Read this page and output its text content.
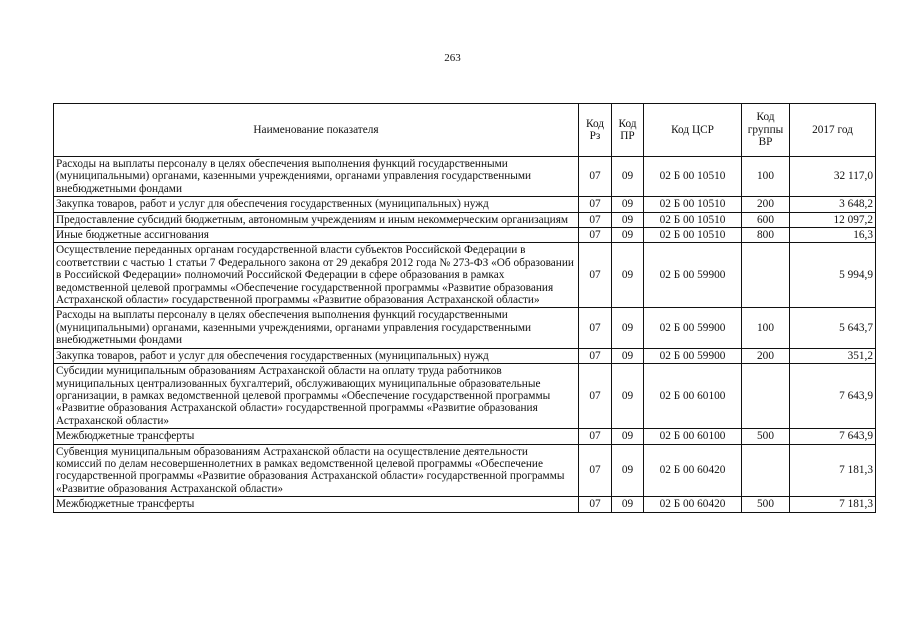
263
Наименование показателя	Код Рз	Код ПР	Код ЦСР	Код группы ВР	2017 год
Расходы на выплаты персоналу в целях обеспечения выполнения функций государственными (муниципальными) органами, казенными учреждениями, органами управления государственными внебюджетными фондами	07	09	02 Б 00 10510	100	32 117,0
Закупка товаров, работ и услуг для обеспечения государственных (муниципальных) нужд	07	09	02 Б 00 10510	200	3 648,2
Предоставление субсидий бюджетным, автономным учреждениям и иным некоммерческим организациям	07	09	02 Б 00 10510	600	12 097,2
Иные бюджетные ассигнования	07	09	02 Б 00 10510	800	16,3
Осуществление переданных органам государственной власти субъектов Российской Федерации в соответствии с частью 1 статьи 7 Федерального закона от 29 декабря 2012 года № 273-ФЗ «Об образовании в Российской Федерации» полномочий Российской Федерации в сфере образования в рамках ведомственной целевой программы «Обеспечение государственной программы «Развитие образования Астраханской области» государственной программы «Развитие образования Астраханской области»	07	09	02 Б 00 59900		5 994,9
Расходы на выплаты персоналу в целях обеспечения выполнения функций государственными (муниципальными) органами, казенными учреждениями, органами управления государственными внебюджетными фондами	07	09	02 Б 00 59900	100	5 643,7
Закупка товаров, работ и услуг для обеспечения государственных (муниципальных) нужд	07	09	02 Б 00 59900	200	351,2
Субсидии муниципальным образованиям Астраханской области на оплату труда работников муниципальных централизованных бухгалтерий, обслуживающих муниципальные образовательные организации, в рамках ведомственной целевой программы «Обеспечение государственной программы «Развитие образования Астраханской области» государственной программы «Развитие образования Астраханской области»	07	09	02 Б 00 60100		7 643,9
Межбюджетные трансферты	07	09	02 Б 00 60100	500	7 643,9
Субвенция муниципальным образованиям Астраханской области на осуществление деятельности комиссий по делам несовершеннолетних в рамках ведомственной целевой программы «Обеспечение государственной программы «Развитие образования Астраханской области» государственной программы «Развитие образования Астраханской области»	07	09	02 Б 00 60420		7 181,3
Межбюджетные трансферты	07	09	02 Б 00 60420	500	7 181,3
